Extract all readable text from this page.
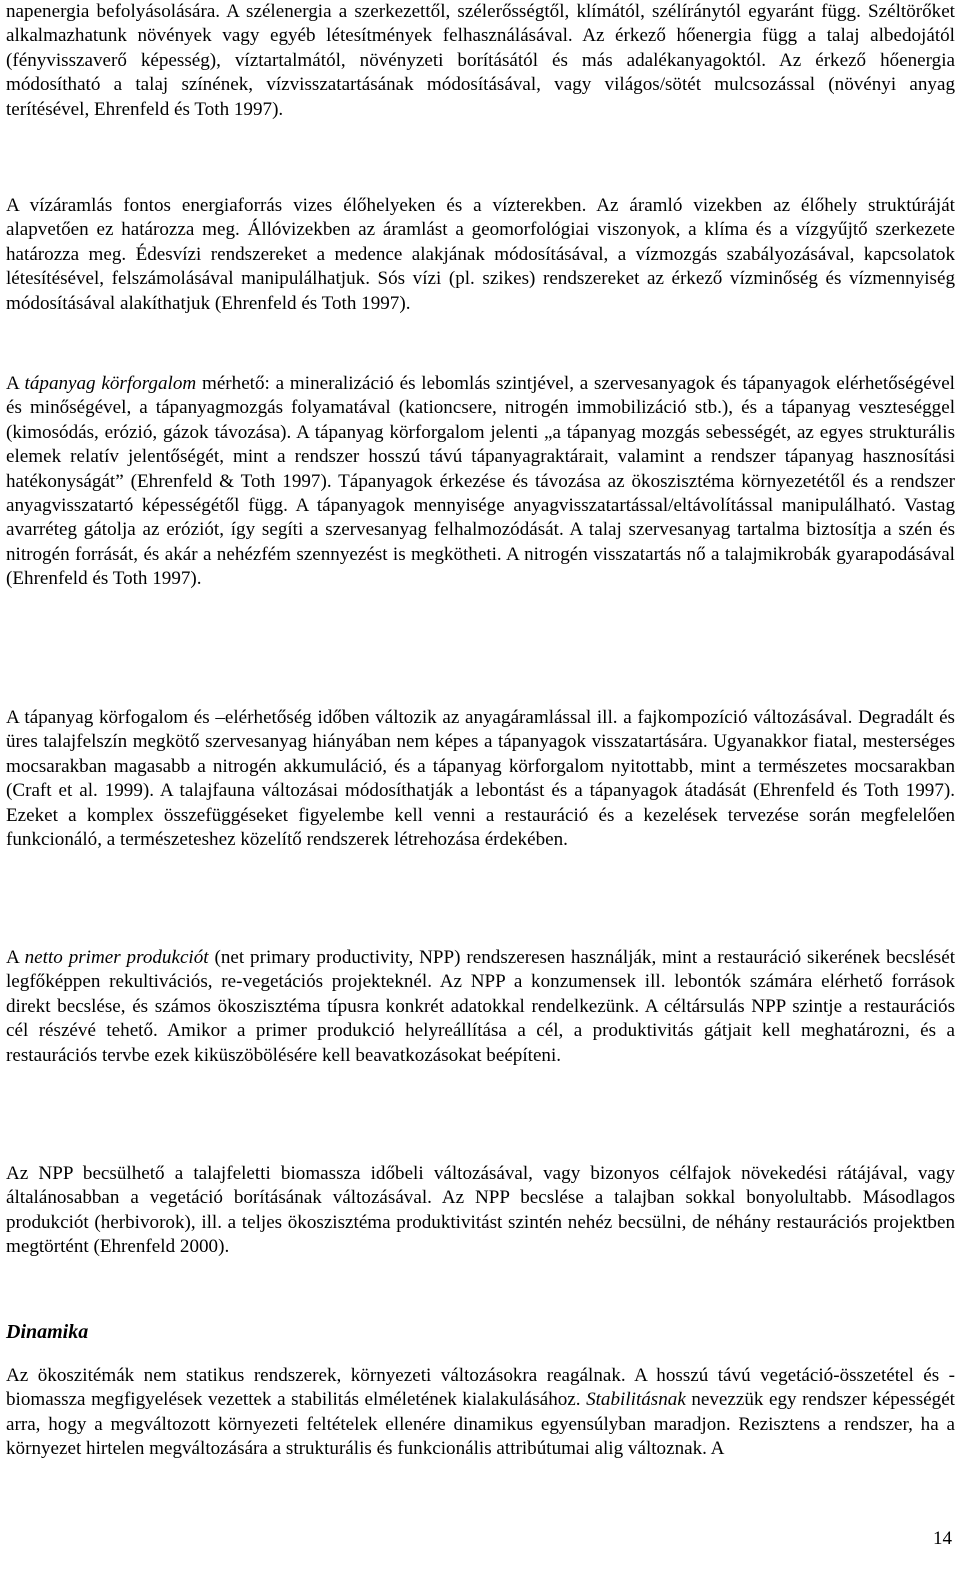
napenergia befolyásolására. A szélenergia a szerkezettől, szélerősségtől, klímától, szélíránytól egyaránt függ. Széltörőket alkalmazhatunk növények vagy egyéb létesítmények felhasználásával. Az érkező hőenergia függ a talaj albedojától (fényvisszaverő képesség), víztartalmától, növényzeti borításától és más adalékanyagoktól. Az érkező hőenergia módosítható a talaj színének, vízvisszatartásának módosításával, vagy világos/sötét mulcsozással (növényi anyag terítésével, Ehrenfeld és Toth 1997).

A vízáramlás fontos energiaforrás vizes élőhelyeken és a vízterekben. Az áramló vizekben az élőhely struktúráját alapvetően ez határozza meg. Állóvizekben az áramlást a geomorfológiai viszonyok, a klíma és a vízgyűjtő szerkezete határozza meg. Édesvízi rendszereket a medence alakjának módosításával, a vízmozgás szabályozásával, kapcsolatok létesítésével, felszámolásával manipulálhatjuk. Sós vízi (pl. szikes) rendszereket az érkező vízminőség és vízmennyiség módosításával alakíthatjuk (Ehrenfeld és Toth 1997).

A tápanyag körforgalom mérhető: a mineralizáció és lebomlás szintjével, a szervesanyagok és tápanyagok elérhetőségével és minőségével, a tápanyagmozgás folyamatával (kationcsere, nitrogén immobilizáció stb.), és a tápanyag veszteséggel (kimosódás, erózió, gázok távozása). A tápanyag körforgalom jelenti „a tápanyag mozgás sebességét, az egyes strukturális elemek relatív jelentőségét, mint a rendszer hosszú távú tápanyagraktárait, valamint a rendszer tápanyag hasznosítási hatékonyságát” (Ehrenfeld & Toth 1997). Tápanyagok érkezése és távozása az ökoszisztéma környezetétől és a rendszer anyagvisszatartó képességétől függ. A tápanyagok mennyisége anyagvisszatartással/eltávolítással manipulálható. Vastag avarréteg gátolja az eróziót, így segíti a szervesanyag felhalmozódását. A talaj szervesanyag tartalma biztosítja a szén és nitrogén forrását, és akár a nehézfém szennyezést is megkötheti. A nitrogén visszatartás nő a talajmikrobák gyarapodásával (Ehrenfeld és Toth 1997).

A tápanyag körfogalom és –elérhetőség időben változik az anyagáramlással ill. a fajkompozíció változásával. Degradált és üres talajfelszín megkötő szervesanyag hiányában nem képes a tápanyagok visszatartására. Ugyanakkor fiatal, mesterséges mocsarakban magasabb a nitrogén akkumuláció, és a tápanyag körforgalom nyitottabb, mint a természetes mocsarakban (Craft et al. 1999). A talajfauna változásai módosíthatják a lebontást és a tápanyagok átadását (Ehrenfeld és Toth 1997). Ezeket a komplex összefüggéseket figyelembe kell venni a restauráció és a kezelések tervezése során megfelelően funkcionáló, a természeteshez közelítő rendszerek létrehozása érdekében.

A netto primer produkciót (net primary productivity, NPP) rendszeresen használják, mint a restauráció sikerének becslését legfőképpen rekultivációs, re-vegetációs projekteknél. Az NPP a konzumensek ill. lebontók számára elérhető források direkt becslése, és számos ökoszisztéma típusra konkrét adatokkal rendelkezünk. A céltársulás NPP szintje a restaurációs cél részévé tehető. Amikor a primer produkció helyreállítása a cél, a produktivitás gátjait kell meghatározni, és a restaurációs tervbe ezek kiküszöbölésére kell beavatkozásokat beépíteni.

Az NPP becsülhető a talajfeletti biomassza időbeli változásával, vagy bizonyos célfajok növekedési rátájával, vagy általánosabban a vegetáció borításának változásával. Az NPP becslése a talajban sokkal bonyolultabb. Másodlagos produkciót (herbivorok), ill. a teljes ökoszisztéma produktivitást szintén nehéz becsülni, de néhány restaurációs projektben megtörtént (Ehrenfeld 2000).

Dinamika

Az ökoszitémák nem statikus rendszerek, környezeti változásokra reagálnak. A hosszú távú vegetáció-összetétel és -biomassza megfigyelések vezettek a stabilitás elméletének kialakulásához. Stabilitásnak nevezzük egy rendszer képességét arra, hogy a megváltozott környezeti feltételek ellenére dinamikus egyensúlyban maradjon. Rezisztens a rendszer, ha a környezet hirtelen megváltozására a strukturális és funkcionális attribútumai alig változnak. A

14
